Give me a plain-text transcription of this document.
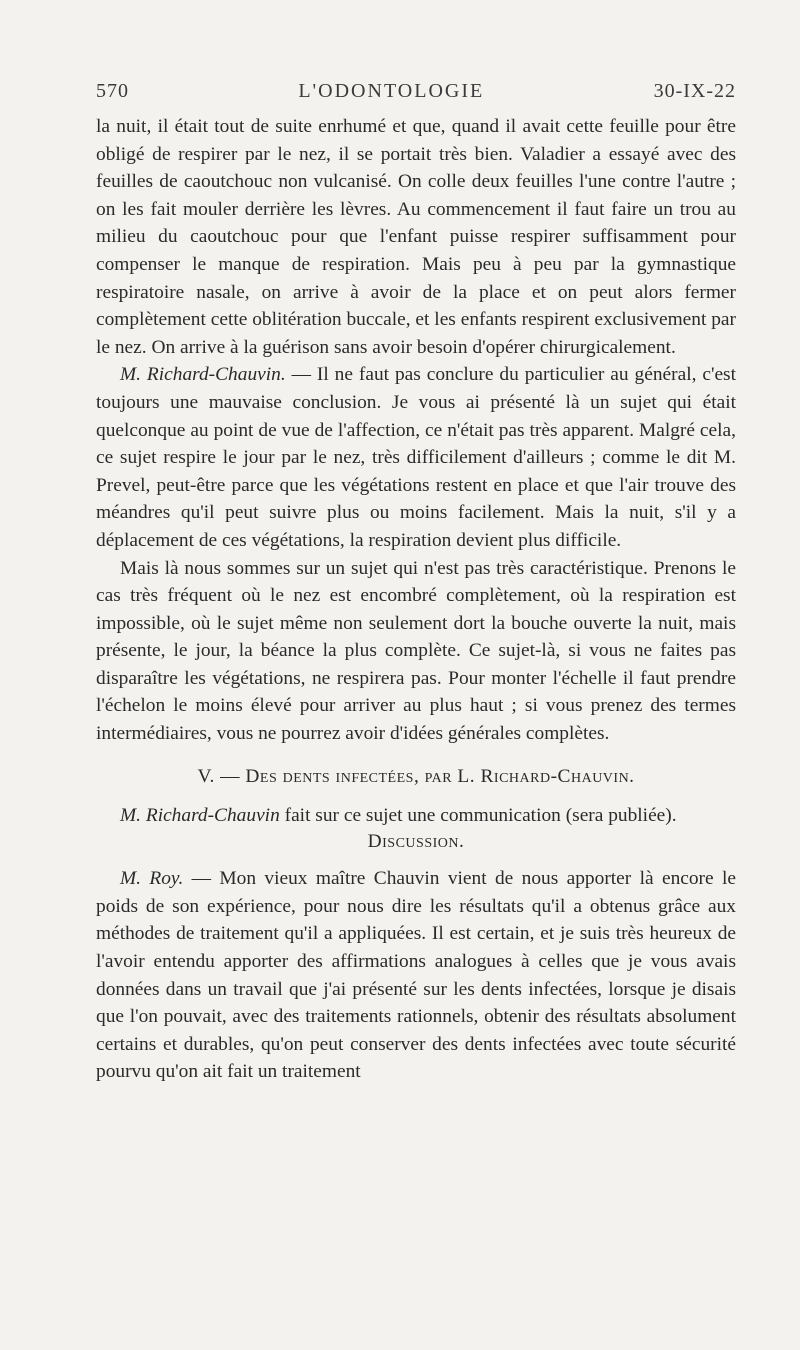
570	L'ODONTOLOGIE	30-IX-22

la nuit, il était tout de suite enrhumé et que, quand il avait cette feuille pour être obligé de respirer par le nez, il se portait très bien. Valadier a essayé avec des feuilles de caoutchouc non vulcanisé. On colle deux feuilles l'une contre l'autre ; on les fait mouler derrière les lèvres. Au commencement il faut faire un trou au milieu du caoutchouc pour que l'enfant puisse respirer suffisamment pour compenser le manque de respiration. Mais peu à peu par la gymnastique respiratoire nasale, on arrive à avoir de la place et on peut alors fermer complètement cette oblitération buccale, et les enfants respirent exclusivement par le nez. On arrive à la guérison sans avoir besoin d'opérer chirurgicalement.

M. Richard-Chauvin. — Il ne faut pas conclure du particulier au général, c'est toujours une mauvaise conclusion. Je vous ai présenté là un sujet qui était quelconque au point de vue de l'affection, ce n'était pas très apparent. Malgré cela, ce sujet respire le jour par le nez, très difficilement d'ailleurs ; comme le dit M. Prevel, peut-être parce que les végétations restent en place et que l'air trouve des méandres qu'il peut suivre plus ou moins facilement. Mais la nuit, s'il y a déplacement de ces végétations, la respiration devient plus difficile.

Mais là nous sommes sur un sujet qui n'est pas très caractéristique. Prenons le cas très fréquent où le nez est encombré complètement, où la respiration est impossible, où le sujet même non seulement dort la bouche ouverte la nuit, mais présente, le jour, la béance la plus complète. Ce sujet-là, si vous ne faites pas disparaître les végétations, ne respirera pas. Pour monter l'échelle il faut prendre l'échelon le moins élevé pour arriver au plus haut ; si vous prenez des termes intermédiaires, vous ne pourrez avoir d'idées générales complètes.

V. — Des dents infectées, par L. Richard-Chauvin.

M. Richard-Chauvin fait sur ce sujet une communication (sera publiée).

Discussion.

M. Roy. — Mon vieux maître Chauvin vient de nous apporter là encore le poids de son expérience, pour nous dire les résultats qu'il a obtenus grâce aux méthodes de traitement qu'il a appliquées. Il est certain, et je suis très heureux de l'avoir entendu apporter des affirmations analogues à celles que je vous avais données dans un travail que j'ai présenté sur les dents infectées, lorsque je disais que l'on pouvait, avec des traitements rationnels, obtenir des résultats absolument certains et durables, qu'on peut conserver des dents infectées avec toute sécurité pourvu qu'on ait fait un traitement
